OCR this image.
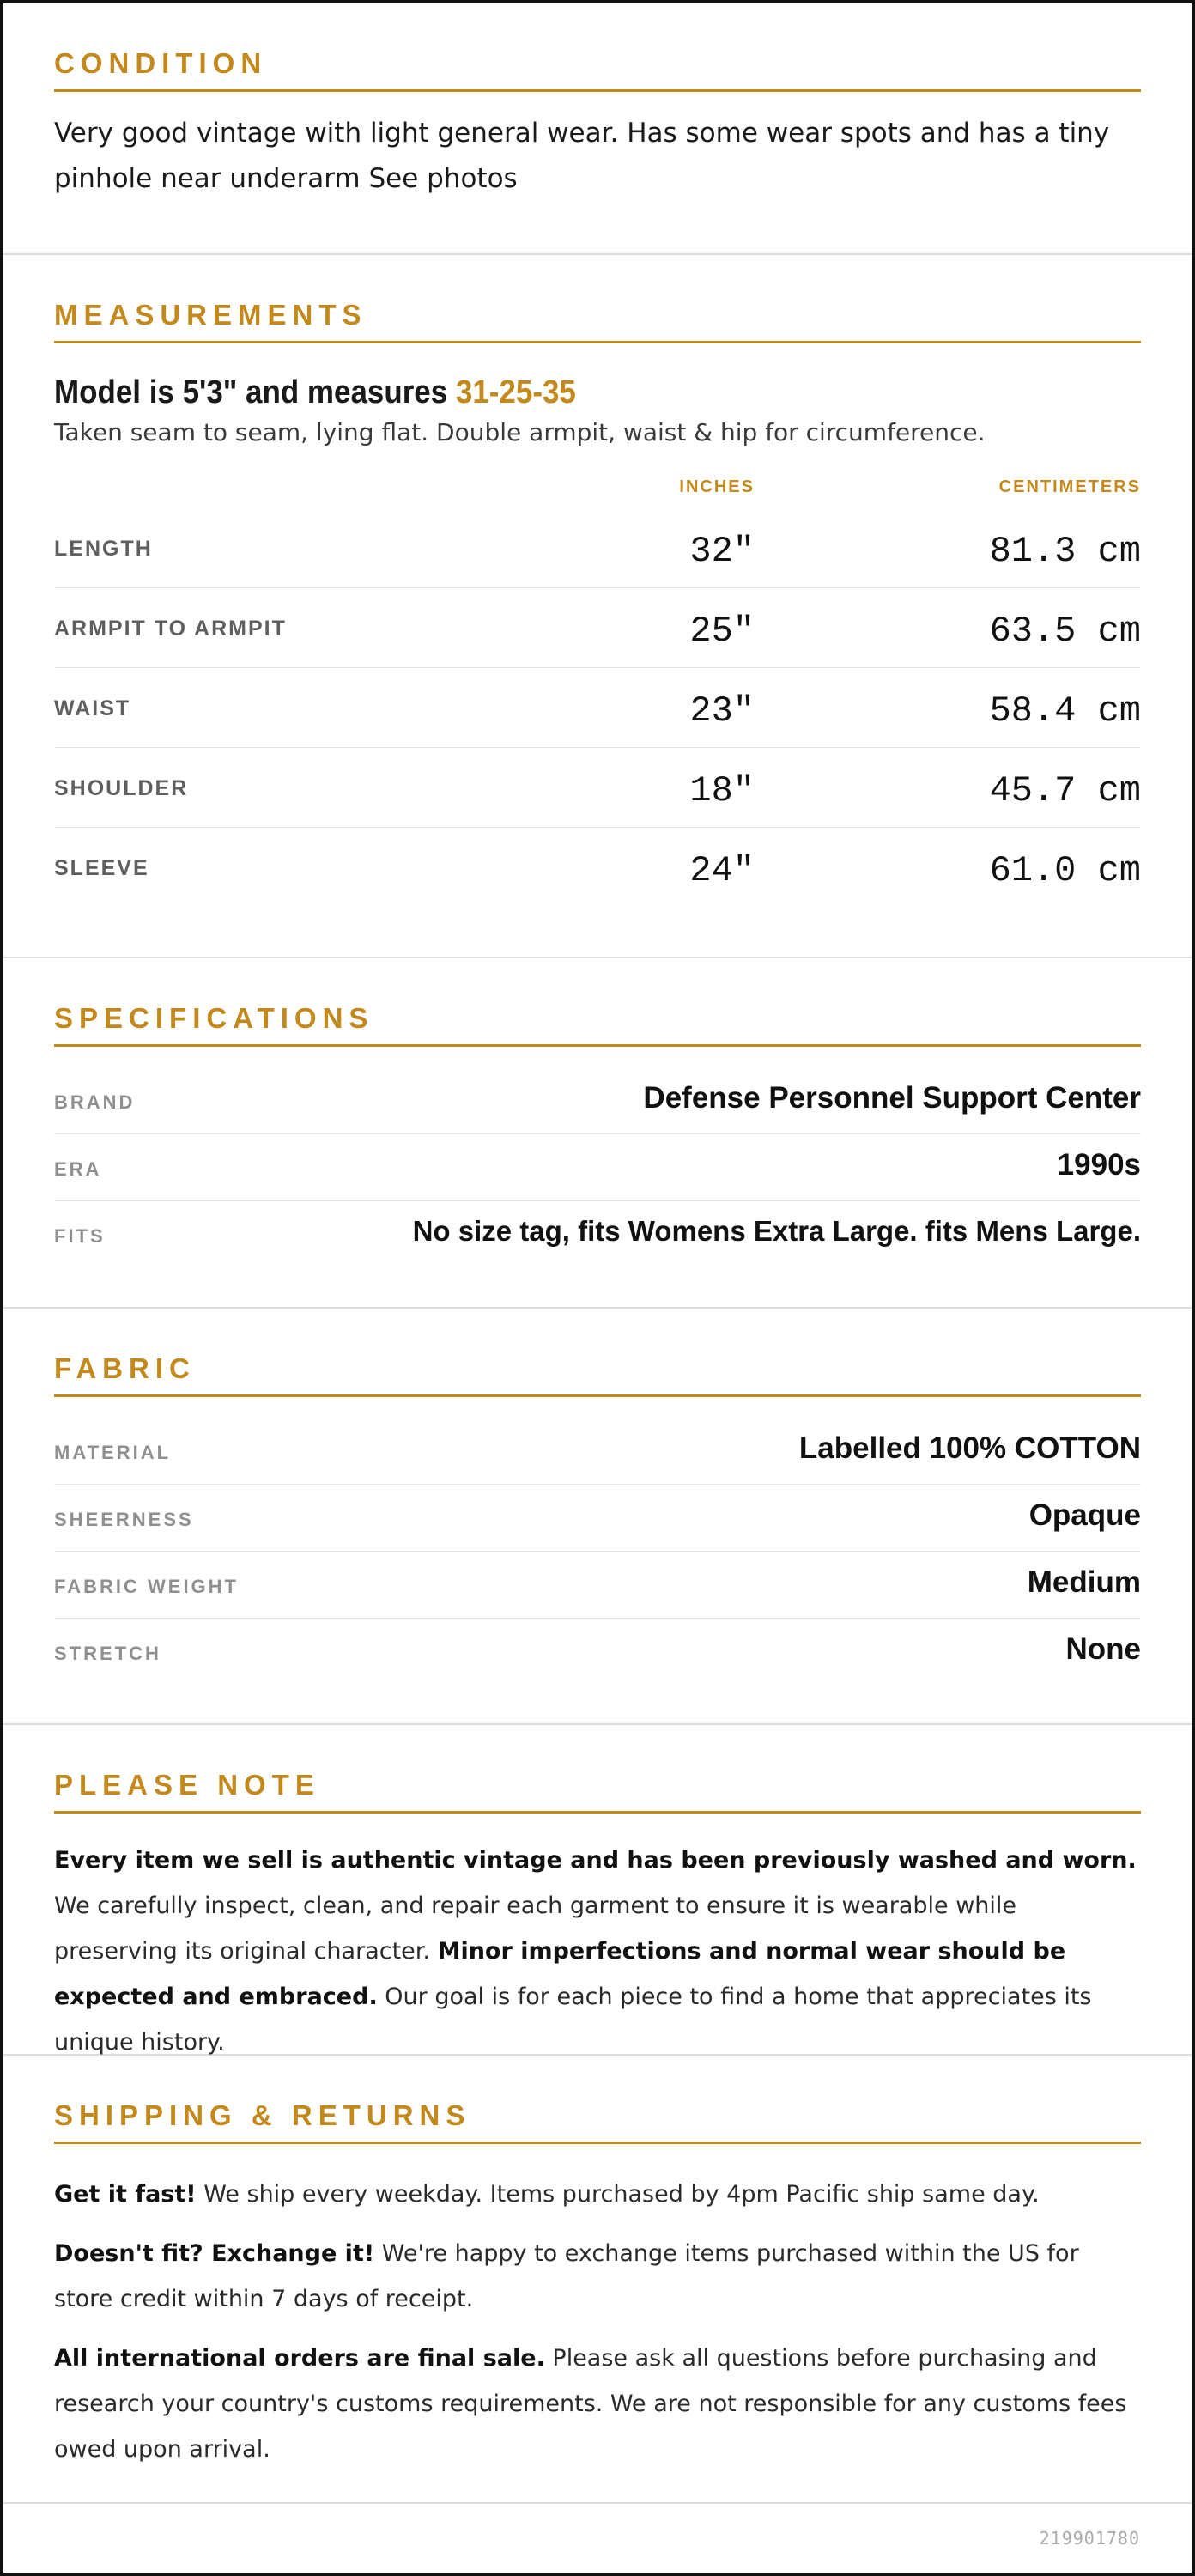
CONDITION

Very good vintage with light general wear. Has some wear spots and has a tiny pinhole near underarm See photos

MEASUREMENTS
Model is 5'3" and measures 31-25-35

Taken seam to seam, lying flat. Double armpit, waist & hip for circumference.

INCHES	CENTIMETERS
LENGTH	32"	81.3 cm
ARMPIT TO ARMPIT	25"	63.5 cm
WAIST	23"	58.4 cm
SHOULDER	18"	45.7 cm
SLEEVE	24"	61.0 cm
SPECIFICATIONS
BRAND	Defense Personnel Support Center
ERA	1990s
FITS	No size tag, fits Womens Extra Large. fits Mens Large.
FABRIC
MATERIAL	Labelled 100% COTTON
SHEERNESS	Opaque
FABRIC WEIGHT	Medium
STRETCH	None
PLEASE NOTE

Every item we sell is authentic vintage and has been previously washed and worn. We carefully inspect, clean, and repair each garment to ensure it is wearable while preserving its original character. Minor imperfections and normal wear should be expected and embraced. Our goal is for each piece to find a home that appreciates its unique history.

SHIPPING & RETURNS

Get it fast! We ship every weekday. Items purchased by 4pm Pacific ship same day.

Doesn't fit? Exchange it! We're happy to exchange items purchased within the US for store credit within 7 days of receipt.

All international orders are final sale. Please ask all questions before purchasing and research your country's customs requirements. We are not responsible for any customs fees owed upon arrival.

219901780
